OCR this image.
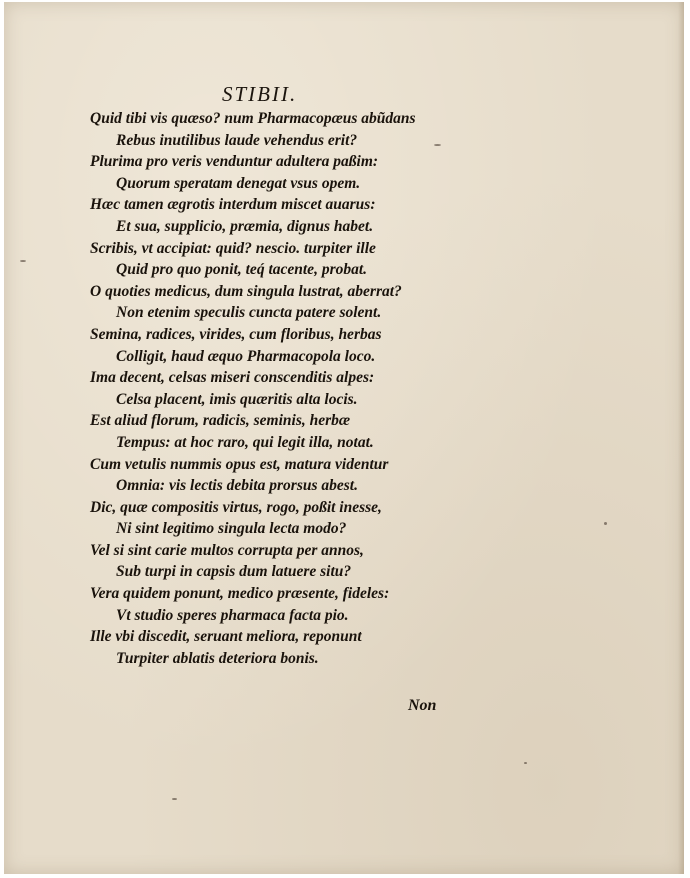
STIBII.
Quid tibi vis quæso? num Pharmacopæus abũdans
Rebus inutilibus laude vehendus erit?
Plurima pro veris venduntur adultera paßim:
Quorum speratam denegat vsus opem.
Hæc tamen ægrotis interdum miscet auarus:
Et sua, supplicio, præmia, dignus habet.
Scribis, vt accipiat: quid? nescio. turpiter ille
Quid pro quo ponit, teq́ tacente, probat.
O quoties medicus, dum singula lustrat, aberrat?
Non etenim speculis cuncta patere solent.
Semina, radices, virides, cum floribus, herbas
Colligit, haud æquo Pharmacopola loco.
Ima decent, celsas miseri conscenditis alpes:
Celsa placent, imis quæritis alta locis.
Est aliud florum, radicis, seminis, herbæ
Tempus: at hoc raro, qui legit illa, notat.
Cum vetulis nummis opus est, matura videntur
Omnia: vis lectis debita prorsus abest.
Dic, quæ compositis virtus, rogo, poßit inesse,
Ni sint legitimo singula lecta modo?
Vel si sint carie multos corrupta per annos,
Sub turpi in capsis dum latuere situ?
Vera quidem ponunt, medico præsente, fideles:
Vt studio speres pharmaca facta pio.
Ille vbi discedit, seruant meliora, reponunt
Turpiter ablatis deteriora bonis.
Non
